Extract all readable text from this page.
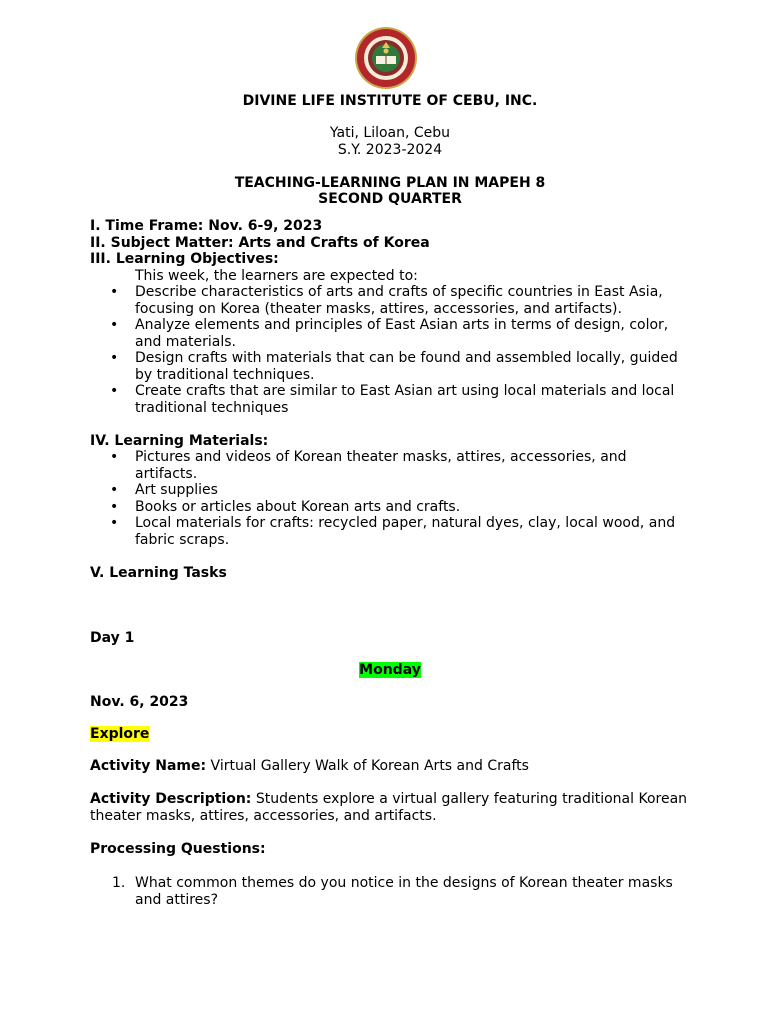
DIVINE LIFE INSTITUTE OF CEBU, INC.
Yati, Liloan, Cebu
S.Y. 2023-2024
TEACHING-LEARNING PLAN IN MAPEH 8
SECOND QUARTER
I. Time Frame: Nov. 6-9, 2023
II. Subject Matter: Arts and Crafts of Korea
III. Learning Objectives:
This week, the learners are expected to:
• Describe characteristics of arts and crafts of specific countries in East Asia, focusing on Korea (theater masks, attires, accessories, and artifacts).
• Analyze elements and principles of East Asian arts in terms of design, color, and materials.
• Design crafts with materials that can be found and assembled locally, guided by traditional techniques.
• Create crafts that are similar to East Asian art using local materials and local traditional techniques
IV. Learning Materials:
• Pictures and videos of Korean theater masks, attires, accessories, and artifacts.
• Art supplies
• Books or articles about Korean arts and crafts.
• Local materials for crafts: recycled paper, natural dyes, clay, local wood, and fabric scraps.
V. Learning Tasks
Day 1
Monday
Nov. 6, 2023
Explore
Activity Name: Virtual Gallery Walk of Korean Arts and Crafts
Activity Description: Students explore a virtual gallery featuring traditional Korean theater masks, attires, accessories, and artifacts.
Processing Questions:
1. What common themes do you notice in the designs of Korean theater masks and attires?
